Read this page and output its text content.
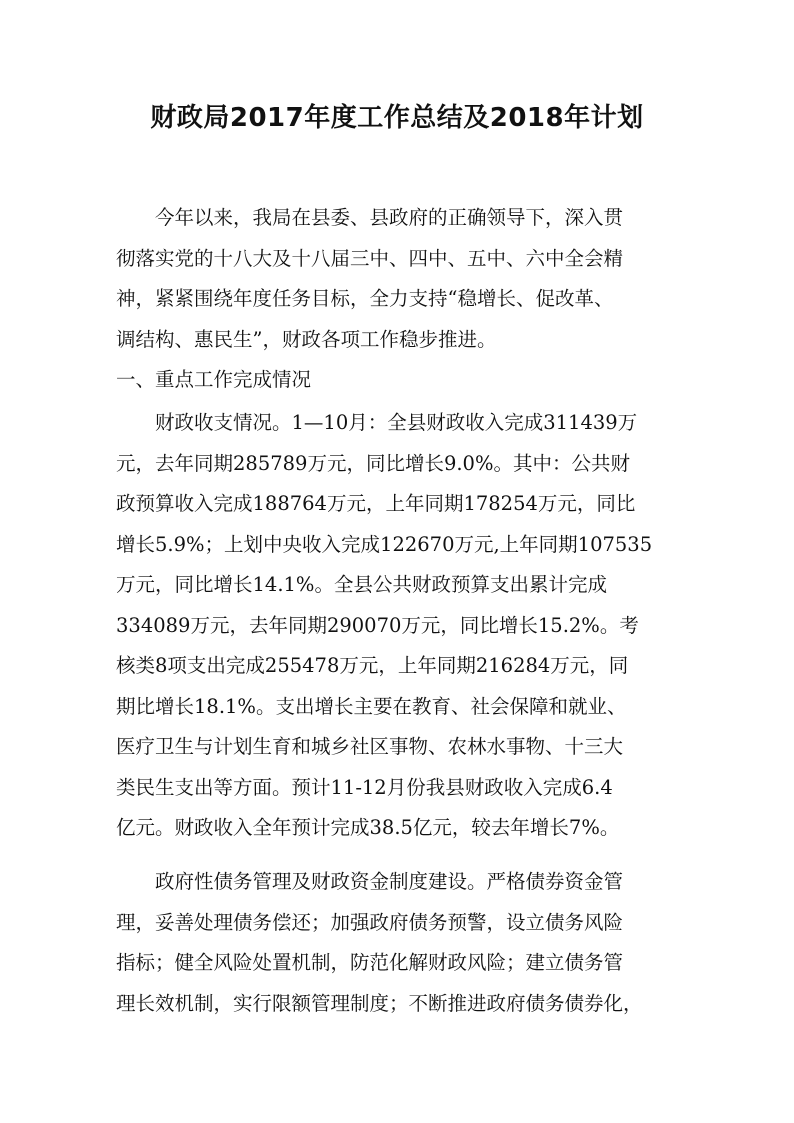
财政局2017年度工作总结及2018年计划
今年以来，我局在县委、县政府的正确领导下，深入贯
彻落实党的十八大及十八届三中、四中、五中、六中全会精
神，紧紧围绕年度任务目标，全力支持“稳增长、促改革、
调结构、惠民生”，财政各项工作稳步推进。
一、重点工作完成情况
财政收支情况。1—10月：全县财政收入完成311439万
元，去年同期285789万元，同比增长9.0%。其中：公共财
政预算收入完成188764万元，上年同期178254万元，同比
增长5.9%；上划中央收入完成122670万元,上年同期107535
万元，同比增长14.1%。全县公共财政预算支出累计完成
334089万元，去年同期290070万元，同比增长15.2%。考
核类8项支出完成255478万元，上年同期216284万元，同
期比增长18.1%。支出增长主要在教育、社会保障和就业、
医疗卫生与计划生育和城乡社区事物、农林水事物、十三大
类民生支出等方面。预计11-12月份我县财政收入完成6.4
亿元。财政收入全年预计完成38.5亿元，较去年增长7%。
政府性债务管理及财政资金制度建设。严格债券资金管
理，妥善处理债务偿还；加强政府债务预警，设立债务风险
指标；健全风险处置机制，防范化解财政风险；建立债务管
理长效机制，实行限额管理制度；不断推进政府债务债券化，
